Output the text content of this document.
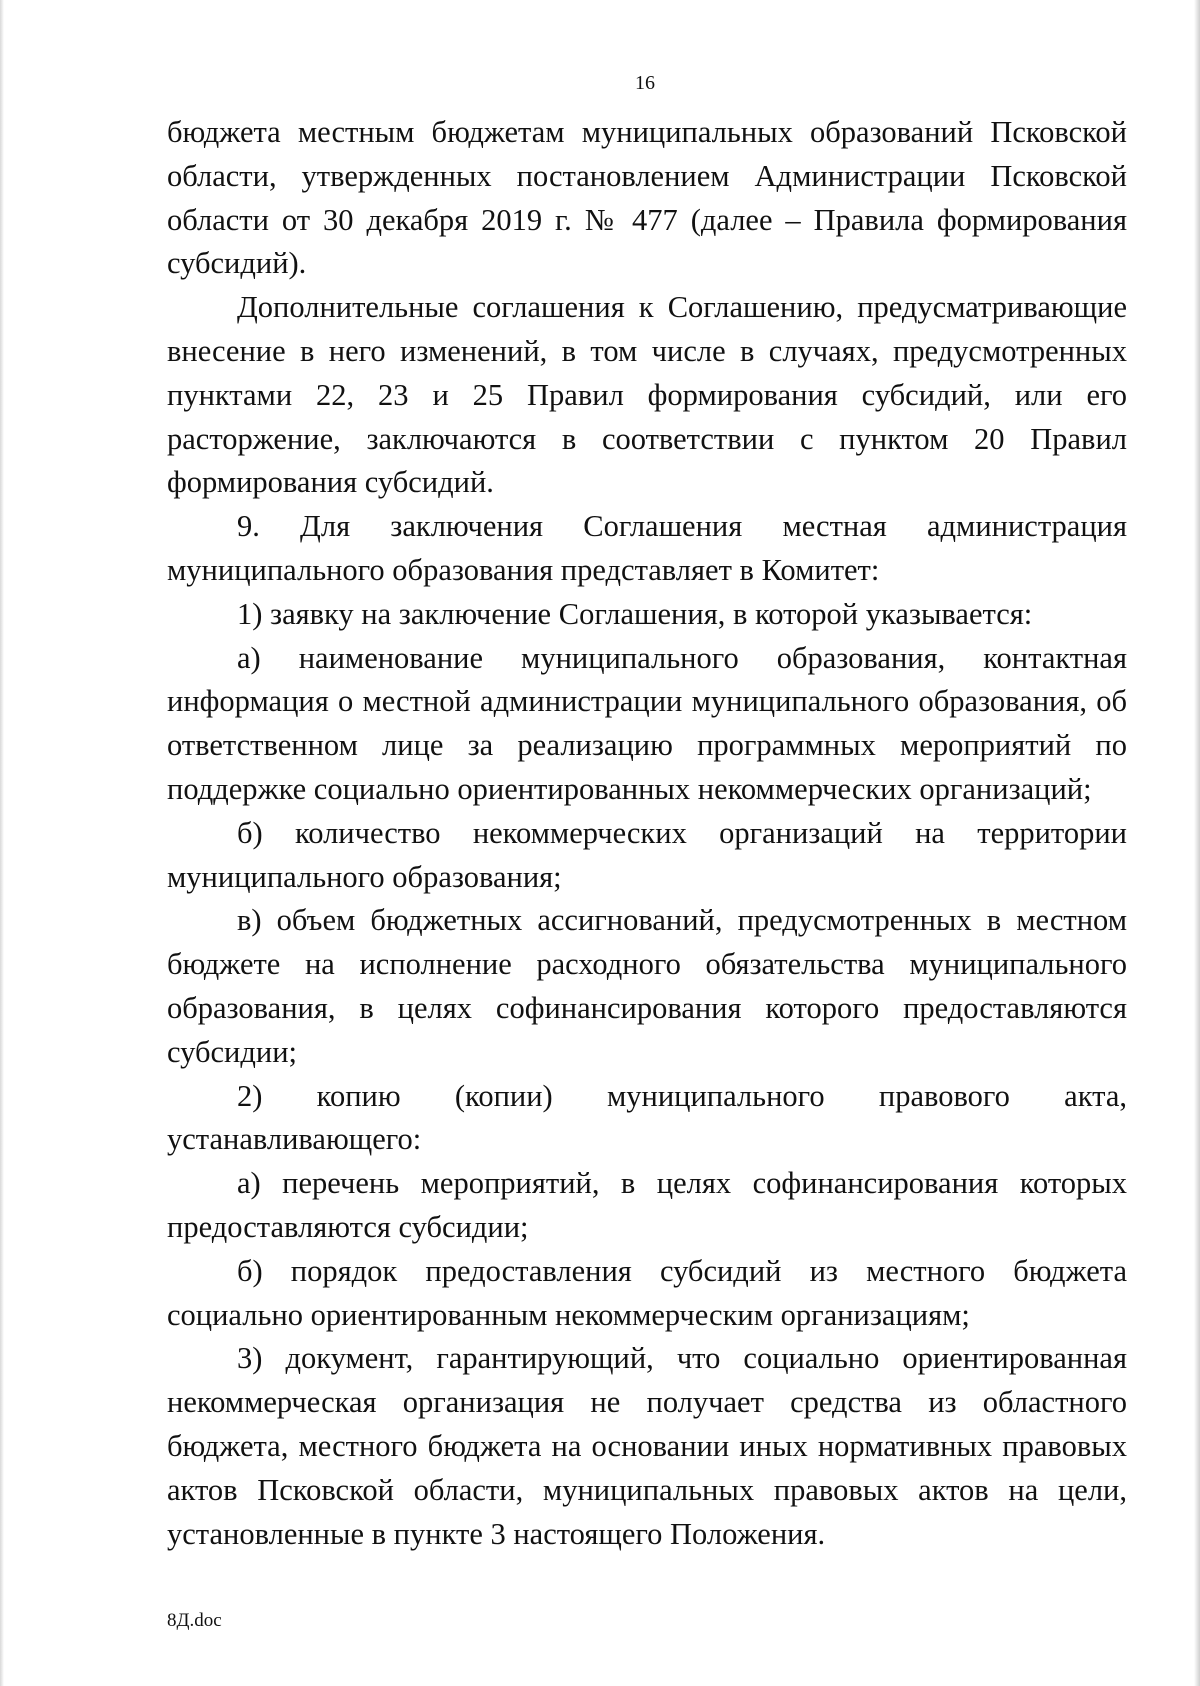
16

бюджета местным бюджетам муниципальных образований Псковской области, утвержденных постановлением Администрации Псковской области от 30 декабря 2019 г. № 477 (далее – Правила формирования субсидий).

Дополнительные соглашения к Соглашению, предусматривающие внесение в него изменений, в том числе в случаях, предусмотренных пунктами 22, 23 и 25 Правил формирования субсидий, или его расторжение, заключаются в соответствии с пунктом 20 Правил формирования субсидий.

9. Для заключения Соглашения местная администрация муниципального образования представляет в Комитет:

1) заявку на заключение Соглашения, в которой указывается:

а) наименование муниципального образования, контактная информация о местной администрации муниципального образования, об ответственном лице за реализацию программных мероприятий по поддержке социально ориентированных некоммерческих организаций;

б) количество некоммерческих организаций на территории муниципального образования;

в) объем бюджетных ассигнований, предусмотренных в местном бюджете на исполнение расходного обязательства муниципального образования, в целях софинансирования которого предоставляются субсидии;

2) копию (копии) муниципального правового акта, устанавливающего:

а) перечень мероприятий, в целях софинансирования которых предоставляются субсидии;

б) порядок предоставления субсидий из местного бюджета социально ориентированным некоммерческим организациям;

3) документ, гарантирующий, что социально ориентированная некоммерческая организация не получает средства из областного бюджета, местного бюджета на основании иных нормативных правовых актов Псковской области, муниципальных правовых актов на цели, установленные в пункте 3 настоящего Положения.

8Д.doc
